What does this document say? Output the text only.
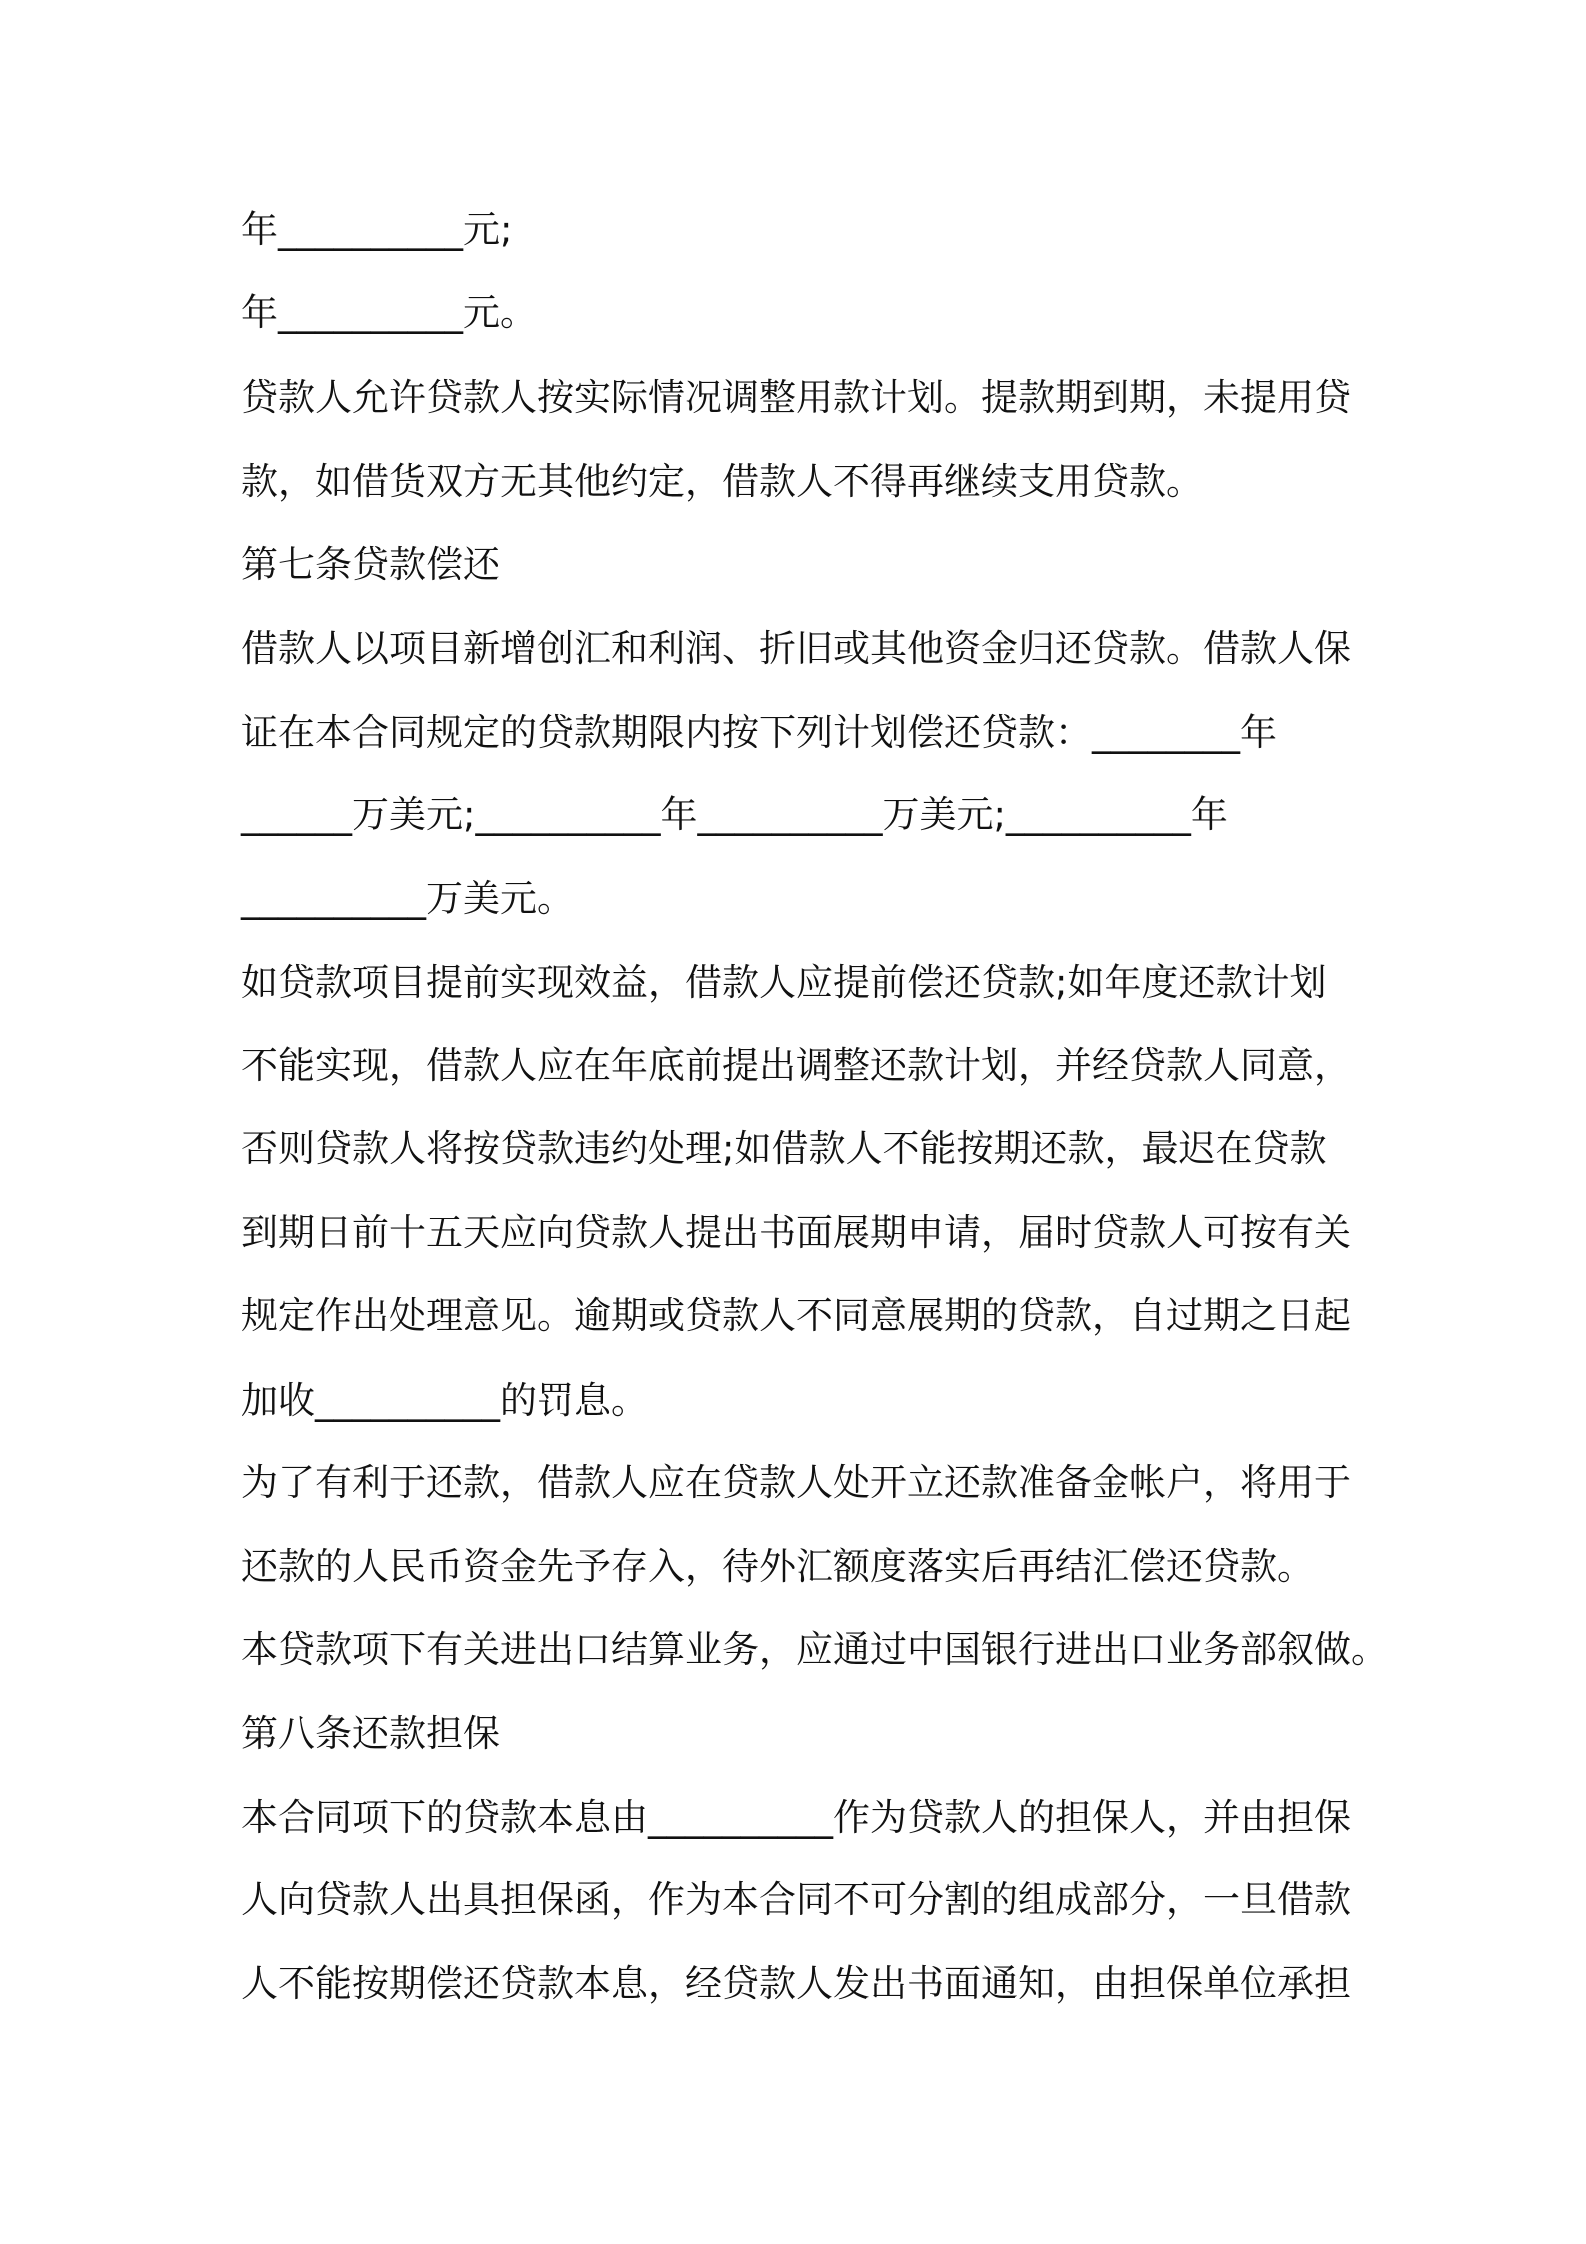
年__________元;

年__________元。

贷款人允许贷款人按实际情况调整用款计划。提款期到期，未提用贷

款，如借货双方无其他约定，借款人不得再继续支用贷款。

第七条贷款偿还

借款人以项目新增创汇和利润、折旧或其他资金归还贷款。借款人保

证在本合同规定的贷款期限内按下列计划偿还贷款：________年

______万美元;__________年__________万美元;__________年

__________万美元。

如贷款项目提前实现效益，借款人应提前偿还贷款;如年度还款计划

不能实现，借款人应在年底前提出调整还款计划，并经贷款人同意，

否则贷款人将按贷款违约处理;如借款人不能按期还款，最迟在贷款

到期日前十五天应向贷款人提出书面展期申请，届时贷款人可按有关

规定作出处理意见。逾期或贷款人不同意展期的贷款，自过期之日起

加收__________的罚息。

为了有利于还款，借款人应在贷款人处开立还款准备金帐户，将用于

还款的人民币资金先予存入，待外汇额度落实后再结汇偿还贷款。

本贷款项下有关进出口结算业务，应通过中国银行进出口业务部叙做。

第八条还款担保

本合同项下的贷款本息由__________作为贷款人的担保人，并由担保

人向贷款人出具担保函，作为本合同不可分割的组成部分，一旦借款

人不能按期偿还贷款本息，经贷款人发出书面通知，由担保单位承担
